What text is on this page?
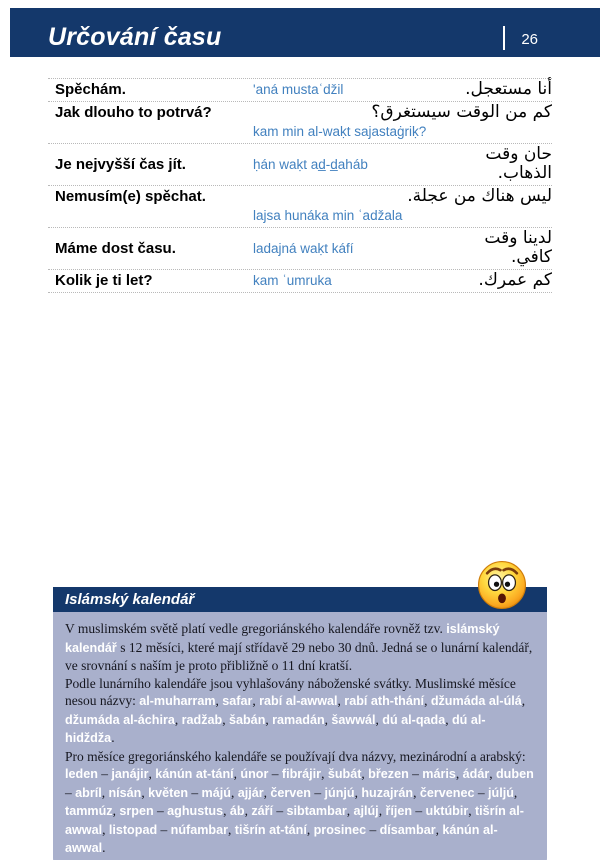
Určování času	26
Spěchám.	'aná mustaʿdžil	أنا مستعجل.
Jak dlouho to potrvá?	كم من الوقت سيستغرق؟
kam min al-waḳt sajastaġriḳ?
Je nejvyšší čas jít.	ḥán waḳt ad̲-d̲aháb	حان وقت الذهاب.
Nemusím(e) spěchat.	ليس هناك من عجلة.
lajsa hunáka min ʿadžala
Máme dost času.	ladajná waḳt káfí	لدينا وقت كافي.
Kolik je ti let?	kam ʿumruka	كم عمرك.
Islámský kalendář

V muslimském světě platí vedle gregoriánského kalendáře rovněž tzv. islámský kalendář s 12 měsíci, které mají střídavě 29 nebo 30 dnů. Jedná se o lunární kalendář, ve srovnání s naším je proto přibližně o 11 dní kratší.

Podle lunárního kalendáře jsou vyhlašovány náboženské svátky. Muslimské měsíce nesou názvy: al-muharram, safar, rabí al-awwal, rabí ath-thání, džumáda al-úlá, džumáda al-áchira, radžab, šabán, ramadán, šawwál, dú al-qada, dú al-hidždža.

Pro měsíce gregoriánského kalendáře se používají dva názvy, mezinárodní a arabský: leden – janájir, kánún at-tání, únor – fibrájir, šubát, březen – máris, ádár, duben – abríl, nísán, květen – májú, ajjár, červen – júnjú, huzajrán, červenec – júljú, tammúz, srpen – aghustus, áb, září – sibtambar, ajlúj, říjen – uktúbir, tišrín al-awwal, listopad – núfambar, tišrín at-tání, prosinec – dísambar, kánún al-awwal.
